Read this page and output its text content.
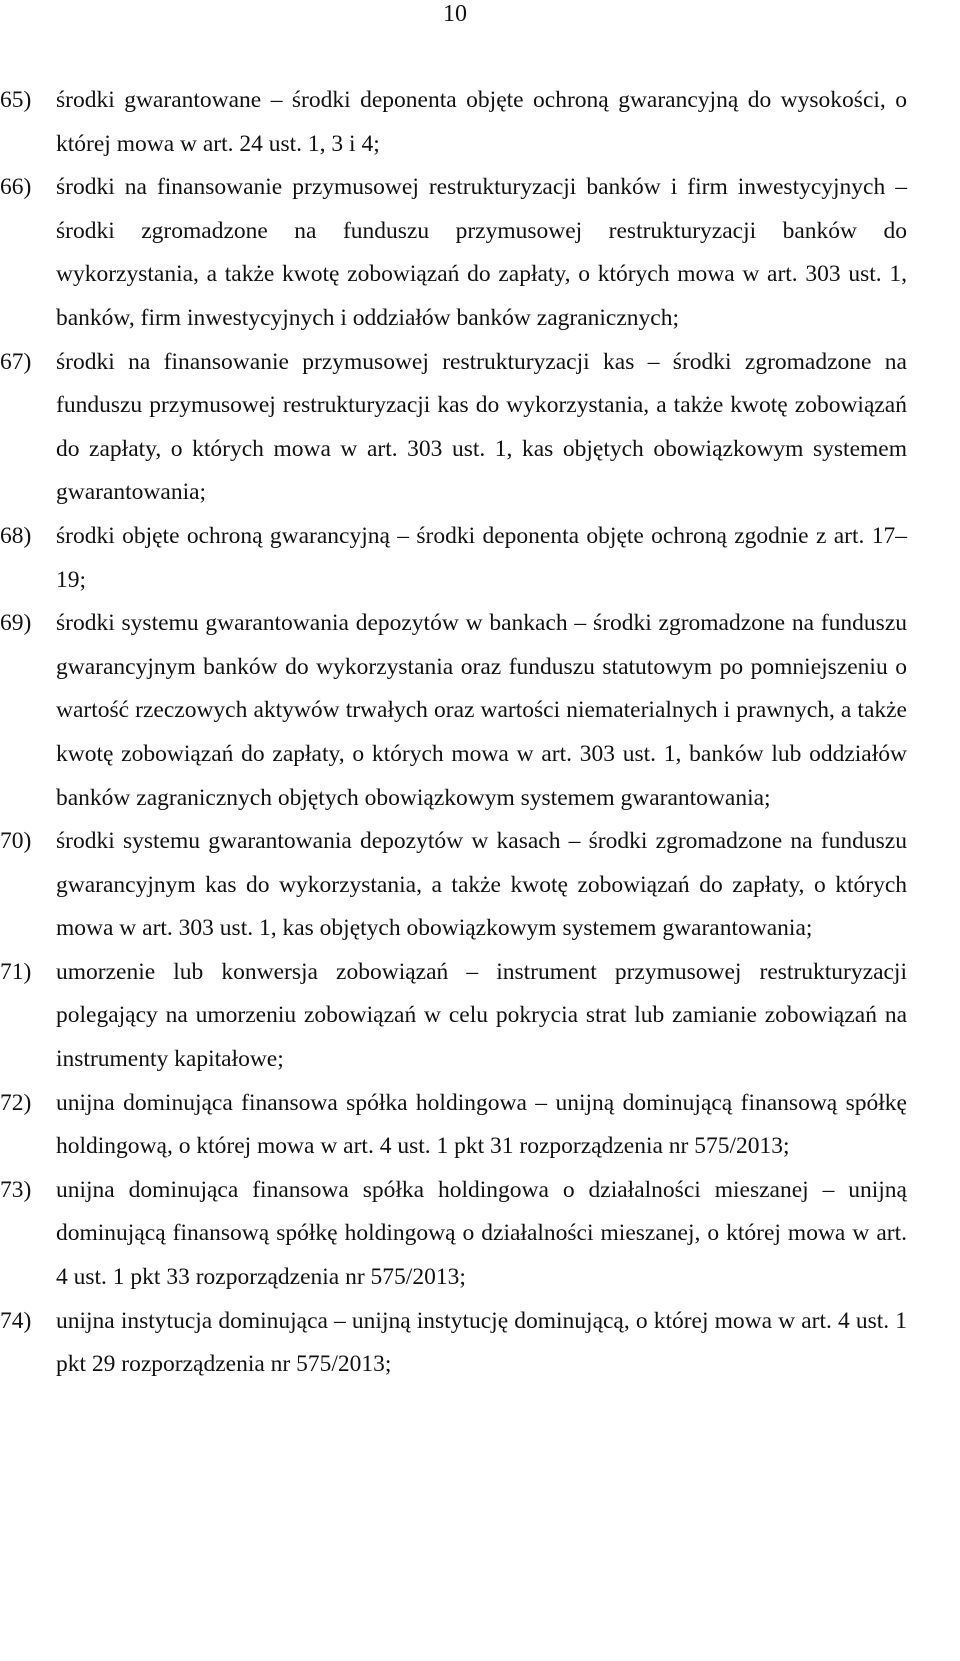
10
65) środki gwarantowane – środki deponenta objęte ochroną gwarancyjną do wysokości, o której mowa w art. 24 ust. 1, 3 i 4;
66) środki na finansowanie przymusowej restrukturyzacji banków i firm inwestycyjnych – środki zgromadzone na funduszu przymusowej restrukturyzacji banków do wykorzystania, a także kwotę zobowiązań do zapłaty, o których mowa w art. 303 ust. 1, banków, firm inwestycyjnych i oddziałów banków zagranicznych;
67) środki na finansowanie przymusowej restrukturyzacji kas – środki zgromadzone na funduszu przymusowej restrukturyzacji kas do wykorzystania, a także kwotę zobowiązań do zapłaty, o których mowa w art. 303 ust. 1, kas objętych obowiązkowym systemem gwarantowania;
68) środki objęte ochroną gwarancyjną – środki deponenta objęte ochroną zgodnie z art. 17–19;
69) środki systemu gwarantowania depozytów w bankach – środki zgromadzone na funduszu gwarancyjnym banków do wykorzystania oraz funduszu statutowym po pomniejszeniu o wartość rzeczowych aktywów trwałych oraz wartości niematerialnych i prawnych, a także kwotę zobowiązań do zapłaty, o których mowa w art. 303 ust. 1, banków lub oddziałów banków zagranicznych objętych obowiązkowym systemem gwarantowania;
70) środki systemu gwarantowania depozytów w kasach – środki zgromadzone na funduszu gwarancyjnym kas do wykorzystania, a także kwotę zobowiązań do zapłaty, o których mowa w art. 303 ust. 1, kas objętych obowiązkowym systemem gwarantowania;
71) umorzenie lub konwersja zobowiązań – instrument przymusowej restrukturyzacji polegający na umorzeniu zobowiązań w celu pokrycia strat lub zamianie zobowiązań na instrumenty kapitałowe;
72) unijna dominująca finansowa spółka holdingowa – unijną dominującą finansową spółkę holdingową, o której mowa w art. 4 ust. 1 pkt 31 rozporządzenia nr 575/2013;
73) unijna dominująca finansowa spółka holdingowa o działalności mieszanej – unijną dominującą finansową spółkę holdingową o działalności mieszanej, o której mowa w art. 4 ust. 1 pkt 33 rozporządzenia nr 575/2013;
74) unijna instytucja dominująca – unijną instytucję dominującą, o której mowa w art. 4 ust. 1 pkt 29 rozporządzenia nr 575/2013;
